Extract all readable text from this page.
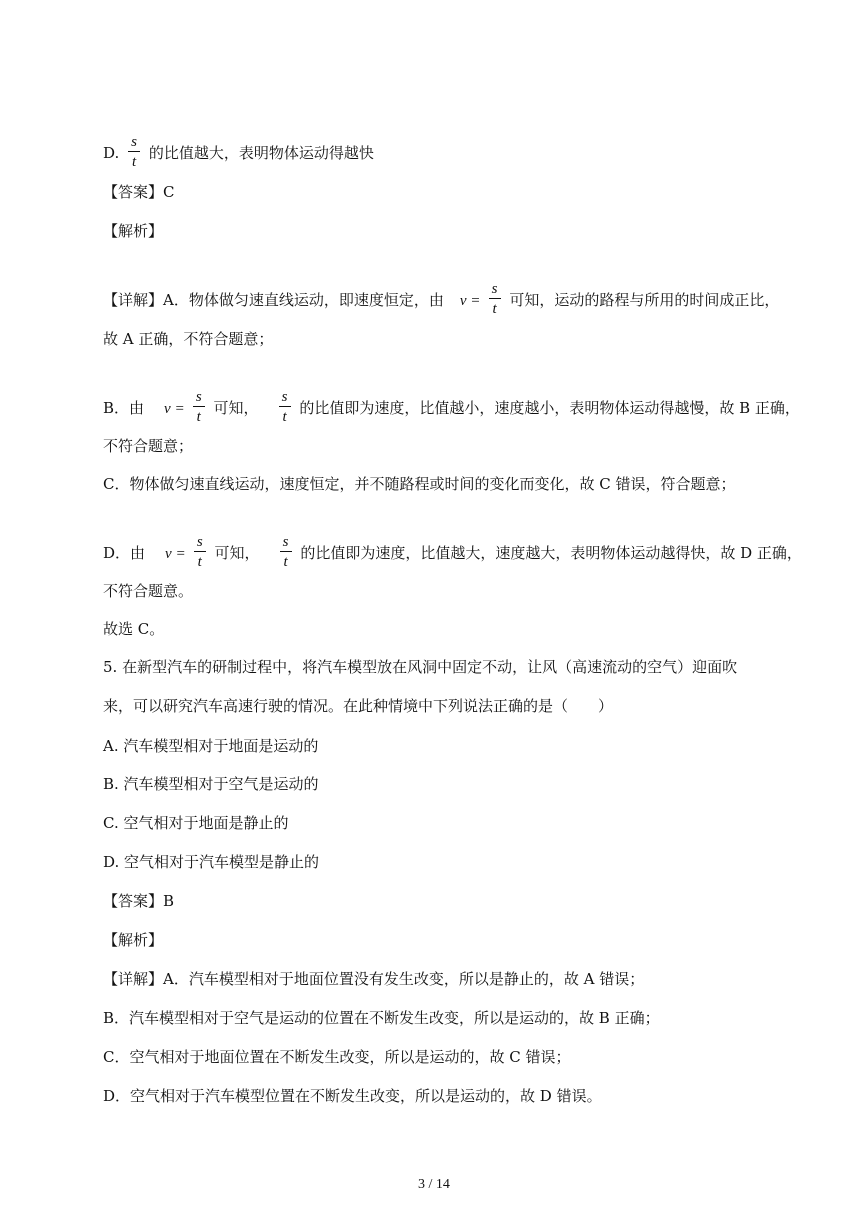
D.
$\frac{s}{t}$
的比值越大，表明物体运动得越快
【答案】C
【解析】
【详解】A．物体做匀速直线运动，即速度恒定，由 v =
$\frac{s}{t}$
可知，运动的路程与所用的时间成正比，
故 A 正确，不符合题意；
B．由 v =
$\frac{s}{t}$
可知，
$\frac{s}{t}$
的比值即为速度，比值越小，速度越小，表明物体运动得越慢，故 B 正确，
不符合题意；
C．物体做匀速直线运动，速度恒定，并不随路程或时间的变化而变化，故 C 错误，符合题意；
D．由 v =
$\frac{s}{t}$
可知，
$\frac{s}{t}$
的比值即为速度，比值越大，速度越大，表明物体运动越得快，故 D 正确，
不符合题意。
故选 C。
5. 在新型汽车的研制过程中，将汽车模型放在风洞中固定不动，让风（高速流动的空气）迎面吹
来，可以研究汽车高速行驶的情况。在此种情境中下列说法正确的是（　　）
A. 汽车模型相对于地面是运动的
B. 汽车模型相对于空气是运动的
C. 空气相对于地面是静止的
D. 空气相对于汽车模型是静止的
【答案】B
【解析】
【详解】A．汽车模型相对于地面位置没有发生改变，所以是静止的，故 A 错误；
B．汽车模型相对于空气是运动的位置在不断发生改变，所以是运动的，故 B 正确；
C．空气相对于地面位置在不断发生改变，所以是运动的，故 C 错误；
D．空气相对于汽车模型位置在不断发生改变，所以是运动的，故 D 错误。
3 / 14
